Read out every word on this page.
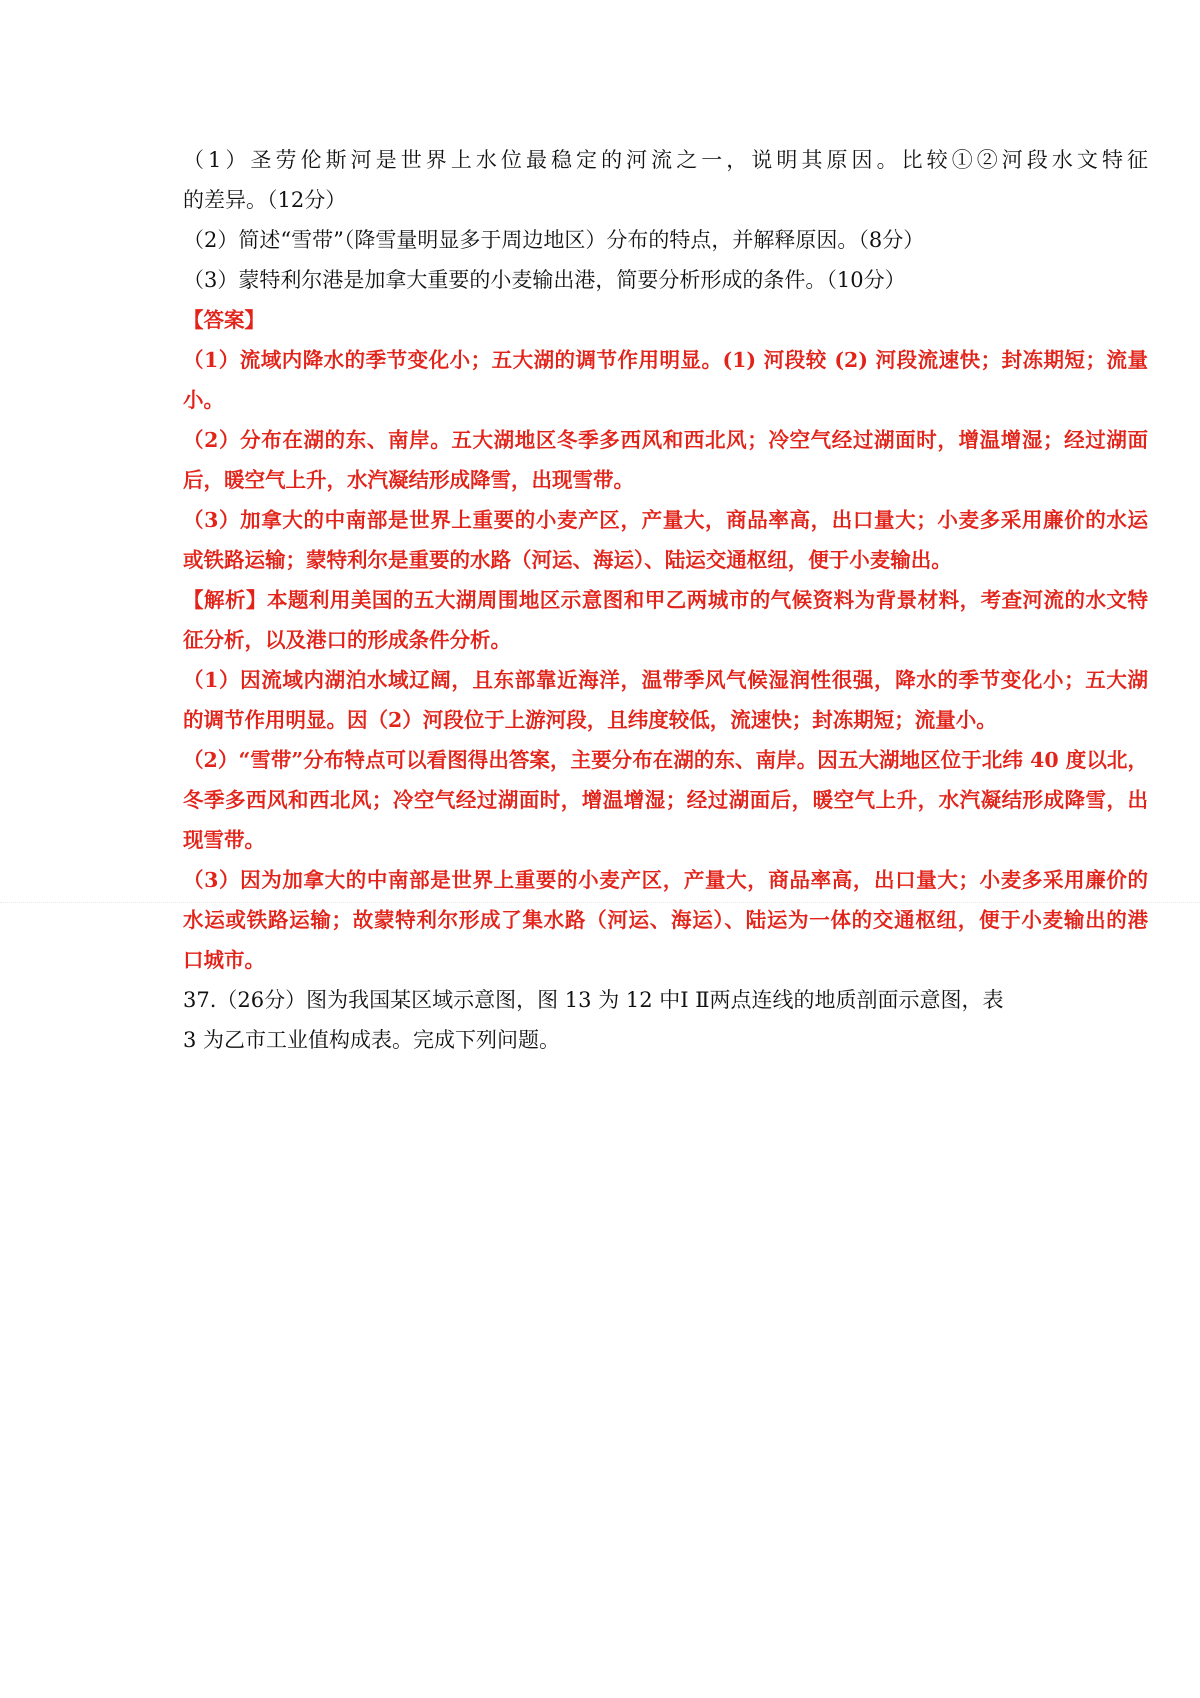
（1）圣劳伦斯河是世界上水位最稳定的河流之一，说明其原因。比较①②河段水文特征

的差异。（12分）

（2）简述“雪带”（降雪量明显多于周边地区）分布的特点，并解释原因。（8分）

（3）蒙特利尔港是加拿大重要的小麦输出港，简要分析形成的条件。（10分）

【答案】

（1）流域内降水的季节变化小；五大湖的调节作用明显。(1) 河段较 (2) 河段流速快；封冻期短；流量

小。

（2）分布在湖的东、南岸。五大湖地区冬季多西风和西北风；冷空气经过湖面时，增温增湿；经过湖面

后，暖空气上升，水汽凝结形成降雪，出现雪带。

（3）加拿大的中南部是世界上重要的小麦产区，产量大，商品率高，出口量大；小麦多采用廉价的水运

或铁路运输；蒙特利尔是重要的水路（河运、海运）、陆运交通枢纽，便于小麦输出。

【解析】本题利用美国的五大湖周围地区示意图和甲乙两城市的气候资料为背景材料，考查河流的水文特

征分析，以及港口的形成条件分析。

（1）因流域内湖泊水域辽阔，且东部靠近海洋，温带季风气候湿润性很强，降水的季节变化小；五大湖

的调节作用明显。因（2）河段位于上游河段，且纬度较低，流速快；封冻期短；流量小。

（2）“雪带”分布特点可以看图得出答案，主要分布在湖的东、南岸。因五大湖地区位于北纬 40 度以北，

冬季多西风和西北风；冷空气经过湖面时，增温增湿；经过湖面后，暖空气上升，水汽凝结形成降雪，出

现雪带。

（3）因为加拿大的中南部是世界上重要的小麦产区，产量大，商品率高，出口量大；小麦多采用廉价的

水运或铁路运输；故蒙特利尔形成了集水路（河运、海运）、陆运为一体的交通枢纽，便于小麦输出的港

口城市。

37.（26分）图为我国某区域示意图，图 13 为 12 中Ⅰ Ⅱ两点连线的地质剖面示意图，表

3 为乙市工业值构成表。完成下列问题。
